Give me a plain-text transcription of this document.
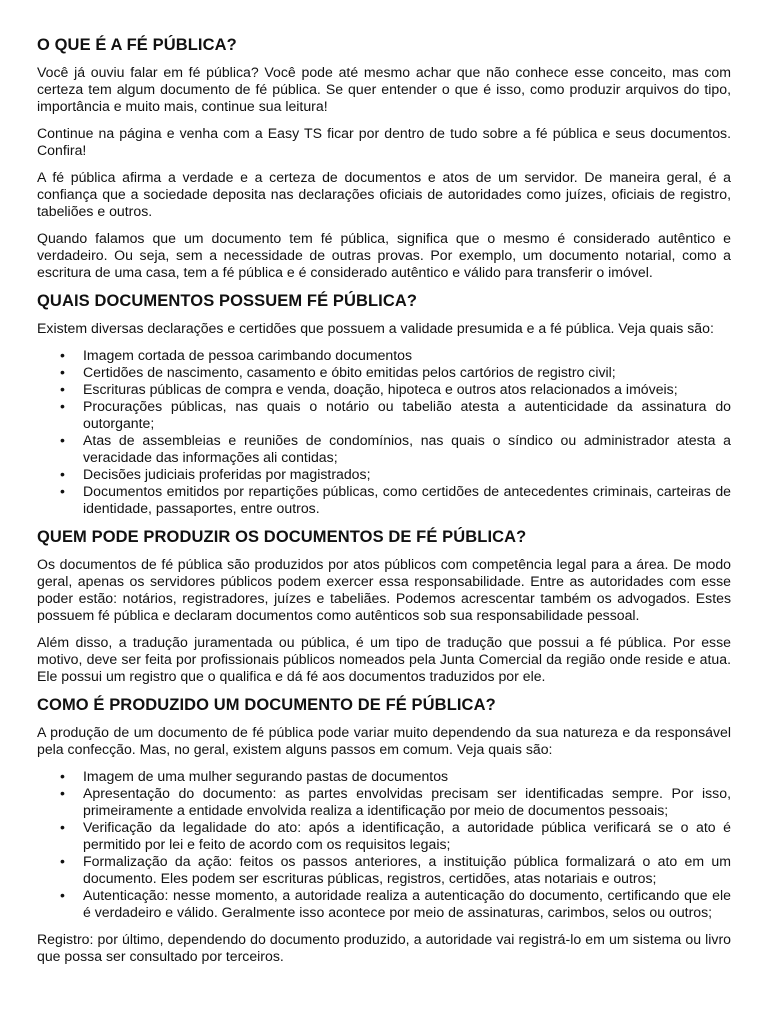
O QUE É A FÉ PÚBLICA?

Você já ouviu falar em fé pública? Você pode até mesmo achar que não conhece esse conceito, mas com certeza tem algum documento de fé pública. Se quer entender o que é isso, como produzir arquivos do tipo, importância e muito mais, continue sua leitura!

Continue na página e venha com a Easy TS ficar por dentro de tudo sobre a fé pública e seus documentos. Confira!

A fé pública afirma a verdade e a certeza de documentos e atos de um servidor. De maneira geral, é a confiança que a sociedade deposita nas declarações oficiais de autoridades como juízes, oficiais de registro, tabeliões e outros.

Quando falamos que um documento tem fé pública, significa que o mesmo é considerado autêntico e verdadeiro. Ou seja, sem a necessidade de outras provas. Por exemplo, um documento notarial, como a escritura de uma casa, tem a fé pública e é considerado autêntico e válido para transferir o imóvel.

QUAIS DOCUMENTOS POSSUEM FÉ PÚBLICA?

Existem diversas declarações e certidões que possuem a validade presumida e a fé pública. Veja quais são:

• Imagem cortada de pessoa carimbando documentos
• Certidões de nascimento, casamento e óbito emitidas pelos cartórios de registro civil;
• Escrituras públicas de compra e venda, doação, hipoteca e outros atos relacionados a imóveis;
• Procurações públicas, nas quais o notário ou tabelião atesta a autenticidade da assinatura do outorgante;
• Atas de assembleias e reuniões de condomínios, nas quais o síndico ou administrador atesta a veracidade das informações ali contidas;
• Decisões judiciais proferidas por magistrados;
• Documentos emitidos por repartições públicas, como certidões de antecedentes criminais, carteiras de identidade, passaportes, entre outros.
QUEM PODE PRODUZIR OS DOCUMENTOS DE FÉ PÚBLICA?

Os documentos de fé pública são produzidos por atos públicos com competência legal para a área. De modo geral, apenas os servidores públicos podem exercer essa responsabilidade. Entre as autoridades com esse poder estão: notários, registradores, juízes e tabeliães. Podemos acrescentar também os advogados. Estes possuem fé pública e declaram documentos como autênticos sob sua responsabilidade pessoal.

Além disso, a tradução juramentada ou pública, é um tipo de tradução que possui a fé pública. Por esse motivo, deve ser feita por profissionais públicos nomeados pela Junta Comercial da região onde reside e atua. Ele possui um registro que o qualifica e dá fé aos documentos traduzidos por ele.

COMO É PRODUZIDO UM DOCUMENTO DE FÉ PÚBLICA?

A produção de um documento de fé pública pode variar muito dependendo da sua natureza e da responsável pela confecção. Mas, no geral, existem alguns passos em comum. Veja quais são:

• Imagem de uma mulher segurando pastas de documentos
• Apresentação do documento: as partes envolvidas precisam ser identificadas sempre. Por isso, primeiramente a entidade envolvida realiza a identificação por meio de documentos pessoais;
• Verificação da legalidade do ato: após a identificação, a autoridade pública verificará se o ato é permitido por lei e feito de acordo com os requisitos legais;
• Formalização da ação: feitos os passos anteriores, a instituição pública formalizará o ato em um documento. Eles podem ser escrituras públicas, registros, certidões, atas notariais e outros;
• Autenticação: nesse momento, a autoridade realiza a autenticação do documento, certificando que ele é verdadeiro e válido. Geralmente isso acontece por meio de assinaturas, carimbos, selos ou outros;

Registro: por último, dependendo do documento produzido, a autoridade vai registrá-lo em um sistema ou livro que possa ser consultado por terceiros.
